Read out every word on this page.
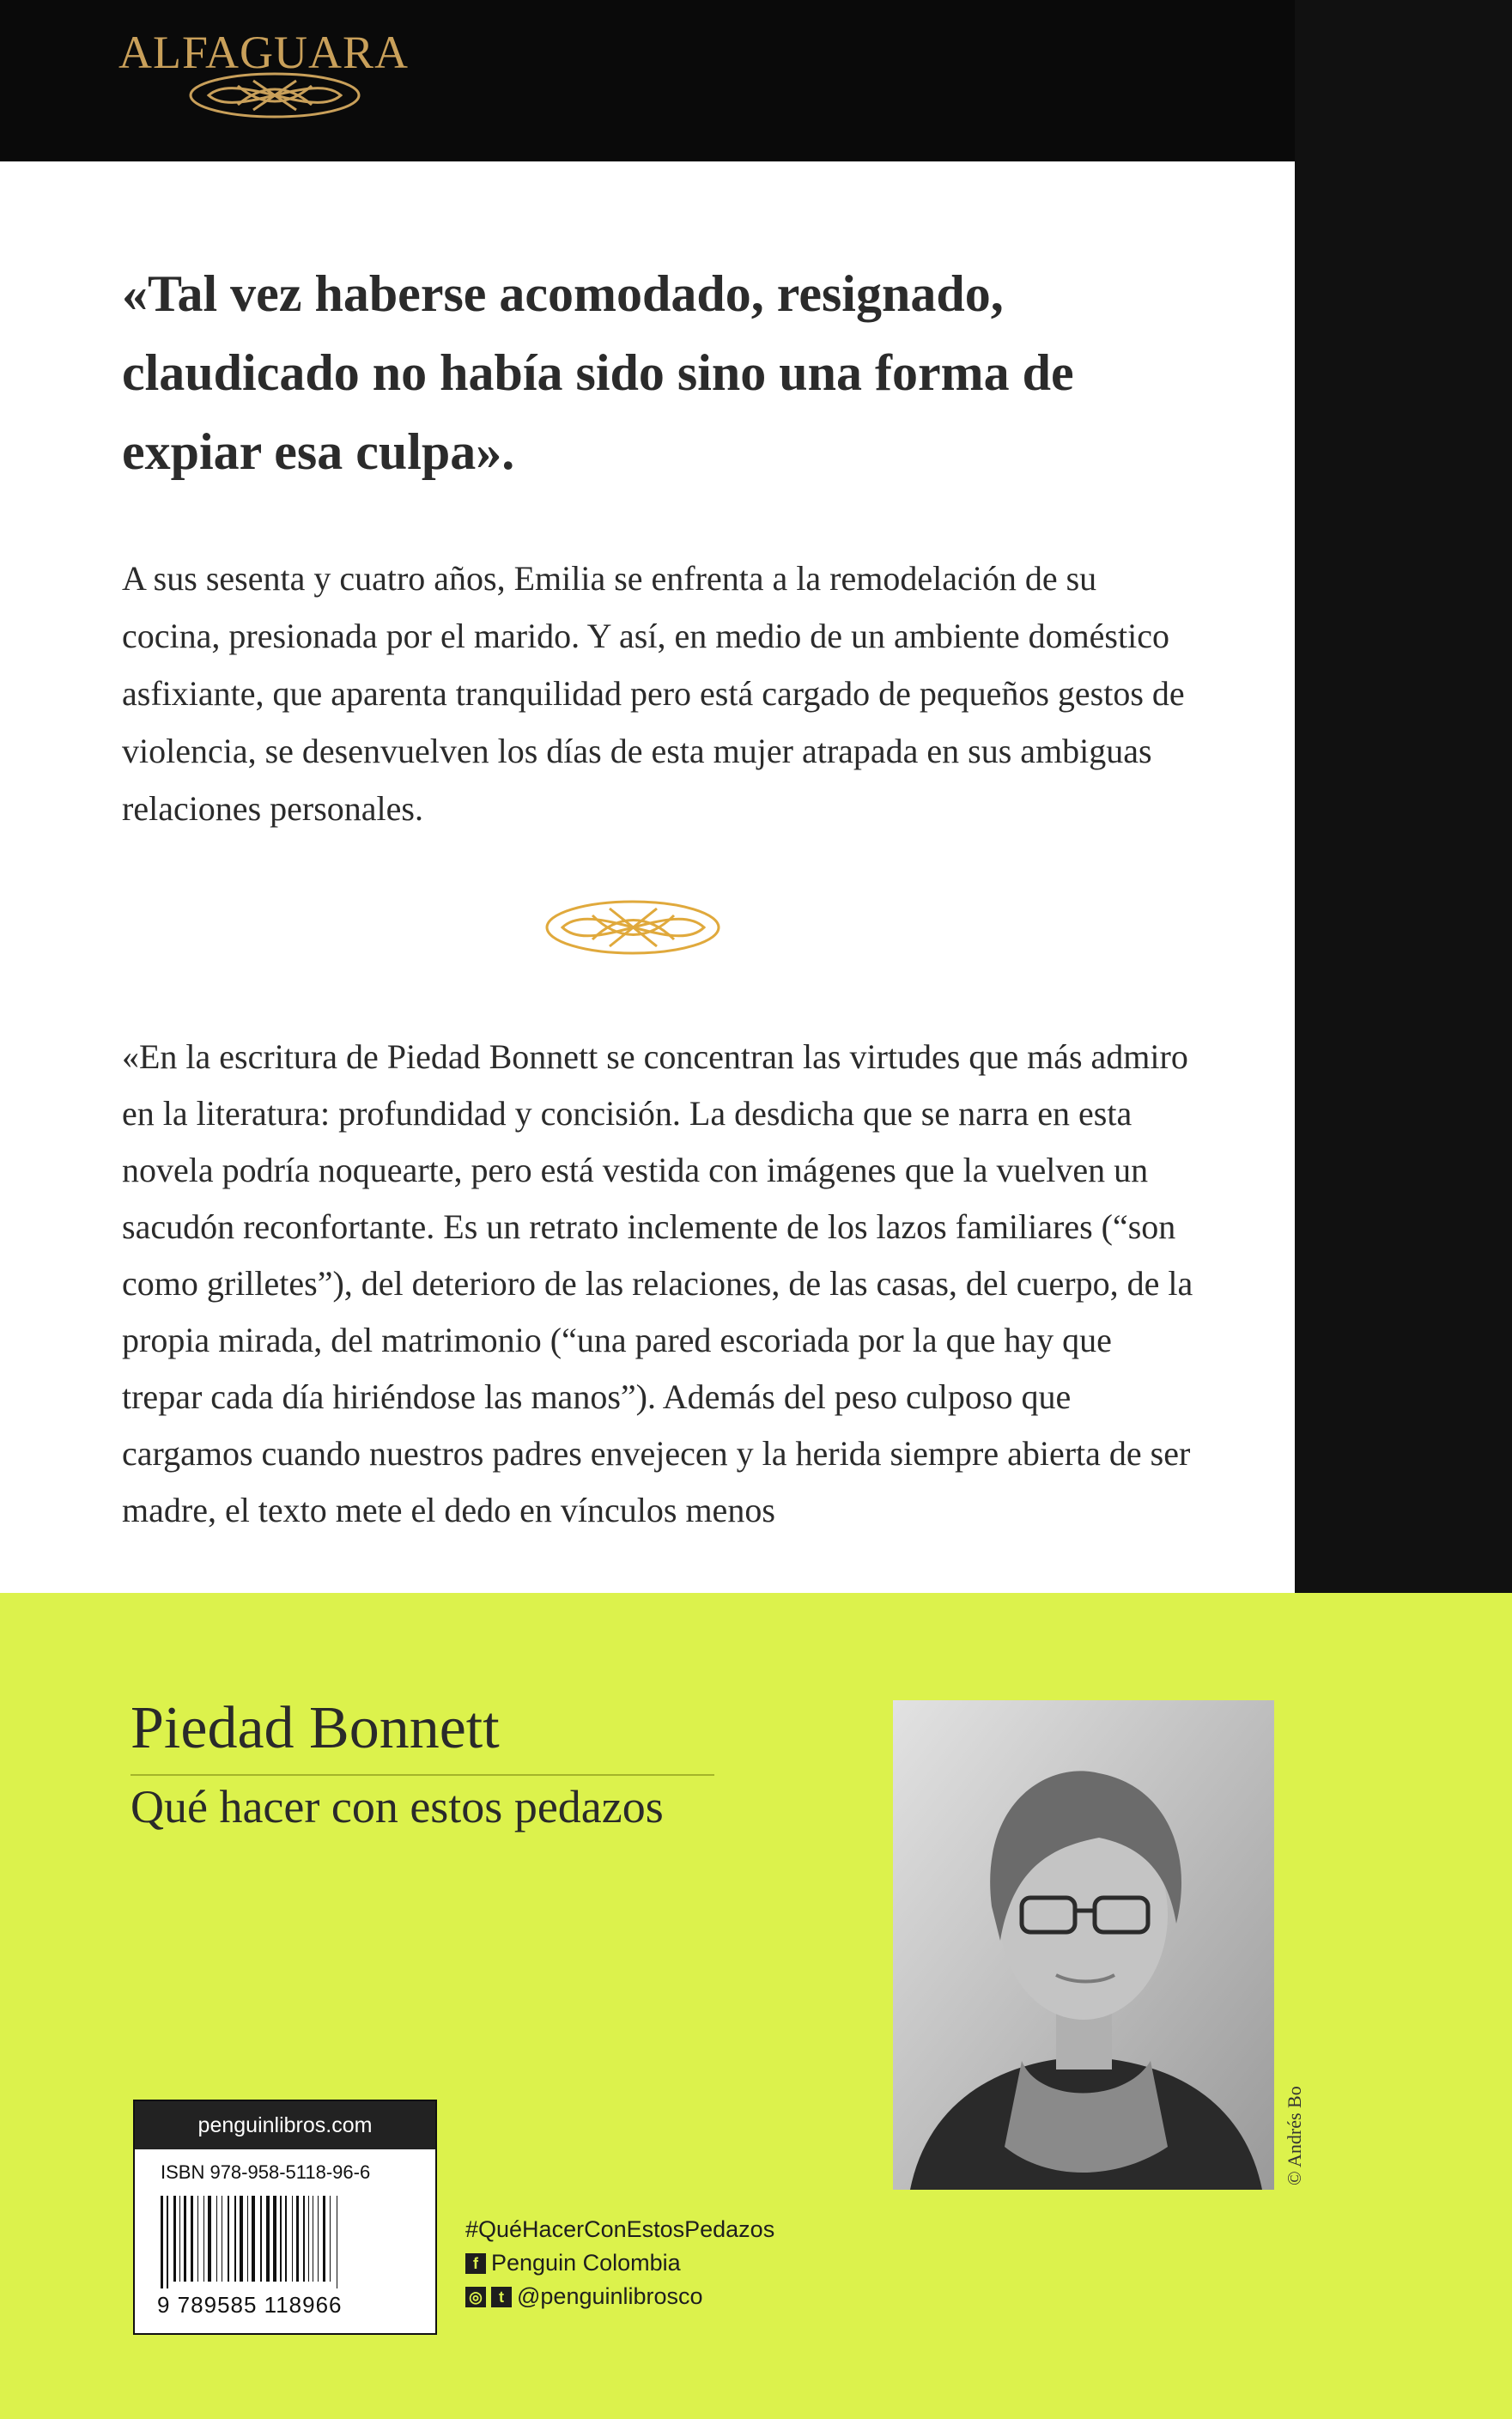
ALFAGUARA

«Tal vez haberse acomodado, resignado, claudicado no había sido sino una forma de expiar esa culpa».

A sus sesenta y cuatro años, Emilia se enfrenta a la remodelación de su cocina, presionada por el marido. Y así, en medio de un ambiente doméstico asfixiante, que aparenta tranquilidad pero está cargado de pequeños gestos de violencia, se desenvuelven los días de esta mujer atrapada en sus ambiguas relaciones personales.

«En la escritura de Piedad Bonnett se concentran las virtudes que más admiro en la literatura: profundidad y concisión. La desdicha que se narra en esta novela podría noquearte, pero está vestida con imágenes que la vuelven un sacudón reconfortante. Es un retrato inclemente de los lazos familiares (“son como grilletes”), del deterioro de las relaciones, de las casas, del cuerpo, de la propia mirada, del matrimonio (“una pared escoriada por la que hay que trepar cada día hiriéndose las manos”). Además del peso culposo que cargamos cuando nuestros padres envejecen y la herida siempre abierta de ser madre, el texto mete el dedo en vínculos menos

Piedad Bonnett
Qué hacer con estos pedazos
© Andrés Bo
penguinlibros.com
ISBN 978-958-5118-96-6
9 789585 118966
#QuéHacerConEstosPedazos
f Penguin Colombia
◎	t @penguinlibrosco
